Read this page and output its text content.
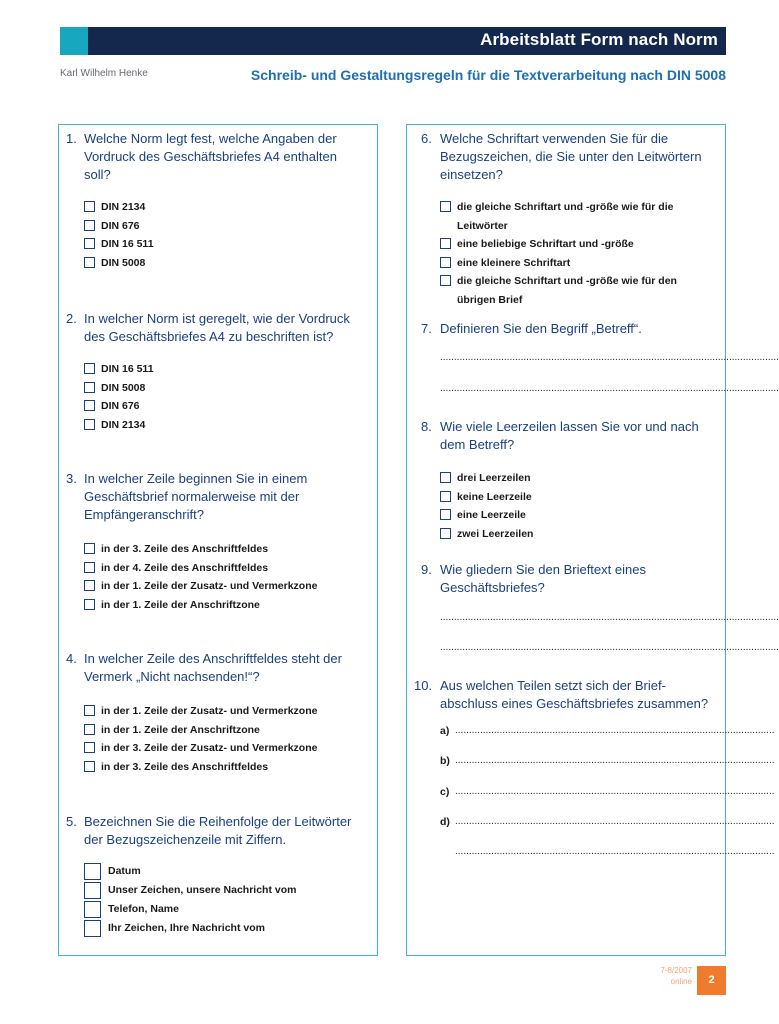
Arbeitsblatt Form nach Norm
Karl Wilhelm Henke	Schreib- und Gestaltungsregeln für die Textverarbeitung nach DIN 5008
1. Welche Norm legt fest, welche Angaben der Vordruck des Geschäftsbriefes A4 enthalten soll?
DIN 2134
DIN 676
DIN 16 511
DIN 5008
2. In welcher Norm ist geregelt, wie der Vordruck des Geschäftsbriefes A4 zu beschriften ist?
DIN 16 511
DIN 5008
DIN 676
DIN 2134
3. In welcher Zeile beginnen Sie in einem Geschäftsbrief normalerweise mit der Empfängeranschrift?
in der 3. Zeile des Anschriftfeldes
in der 4. Zeile des Anschriftfeldes
in der 1. Zeile der Zusatz- und Vermerkzone
in der 1. Zeile der Anschriftzone
4. In welcher Zeile des Anschriftfeldes steht der Vermerk „Nicht nachsenden!“?
in der 1. Zeile der Zusatz- und Vermerkzone
in der 1. Zeile der Anschriftzone
in der 3. Zeile der Zusatz- und Vermerkzone
in der 3. Zeile des Anschriftfeldes
5. Bezeichnen Sie die Reihenfolge der Leitwörter der Bezugszeichenzeile mit Ziffern.
Datum
Unser Zeichen, unsere Nachricht vom
Telefon, Name
Ihr Zeichen, Ihre Nachricht vom
6. Welche Schriftart verwenden Sie für die Bezugszeichen, die Sie unter den Leitwörtern einsetzen?
die gleiche Schriftart und -größe wie für die Leitwörter
eine beliebige Schriftart und -größe
eine kleinere Schriftart
die gleiche Schriftart und -größe wie für den übrigen Brief
7. Definieren Sie den Begriff „Betreff“.
..........................................................................................................................
..........................................................................................................................
8. Wie viele Leerzeilen lassen Sie vor und nach dem Betreff?
drei Leerzeilen
keine Leerzeile
eine Leerzeile
zwei Leerzeilen
9. Wie gliedern Sie den Brieftext eines Geschäftsbriefes?
..........................................................................................................................
..........................................................................................................................
10. Aus welchen Teilen setzt sich der Brief- abschluss eines Geschäftsbriefes zusammen?
a) ...................................................................................................................
b) ...................................................................................................................
c) ...................................................................................................................
d) ...................................................................................................................
...................................................................................................................
7-8/2007
online	2
